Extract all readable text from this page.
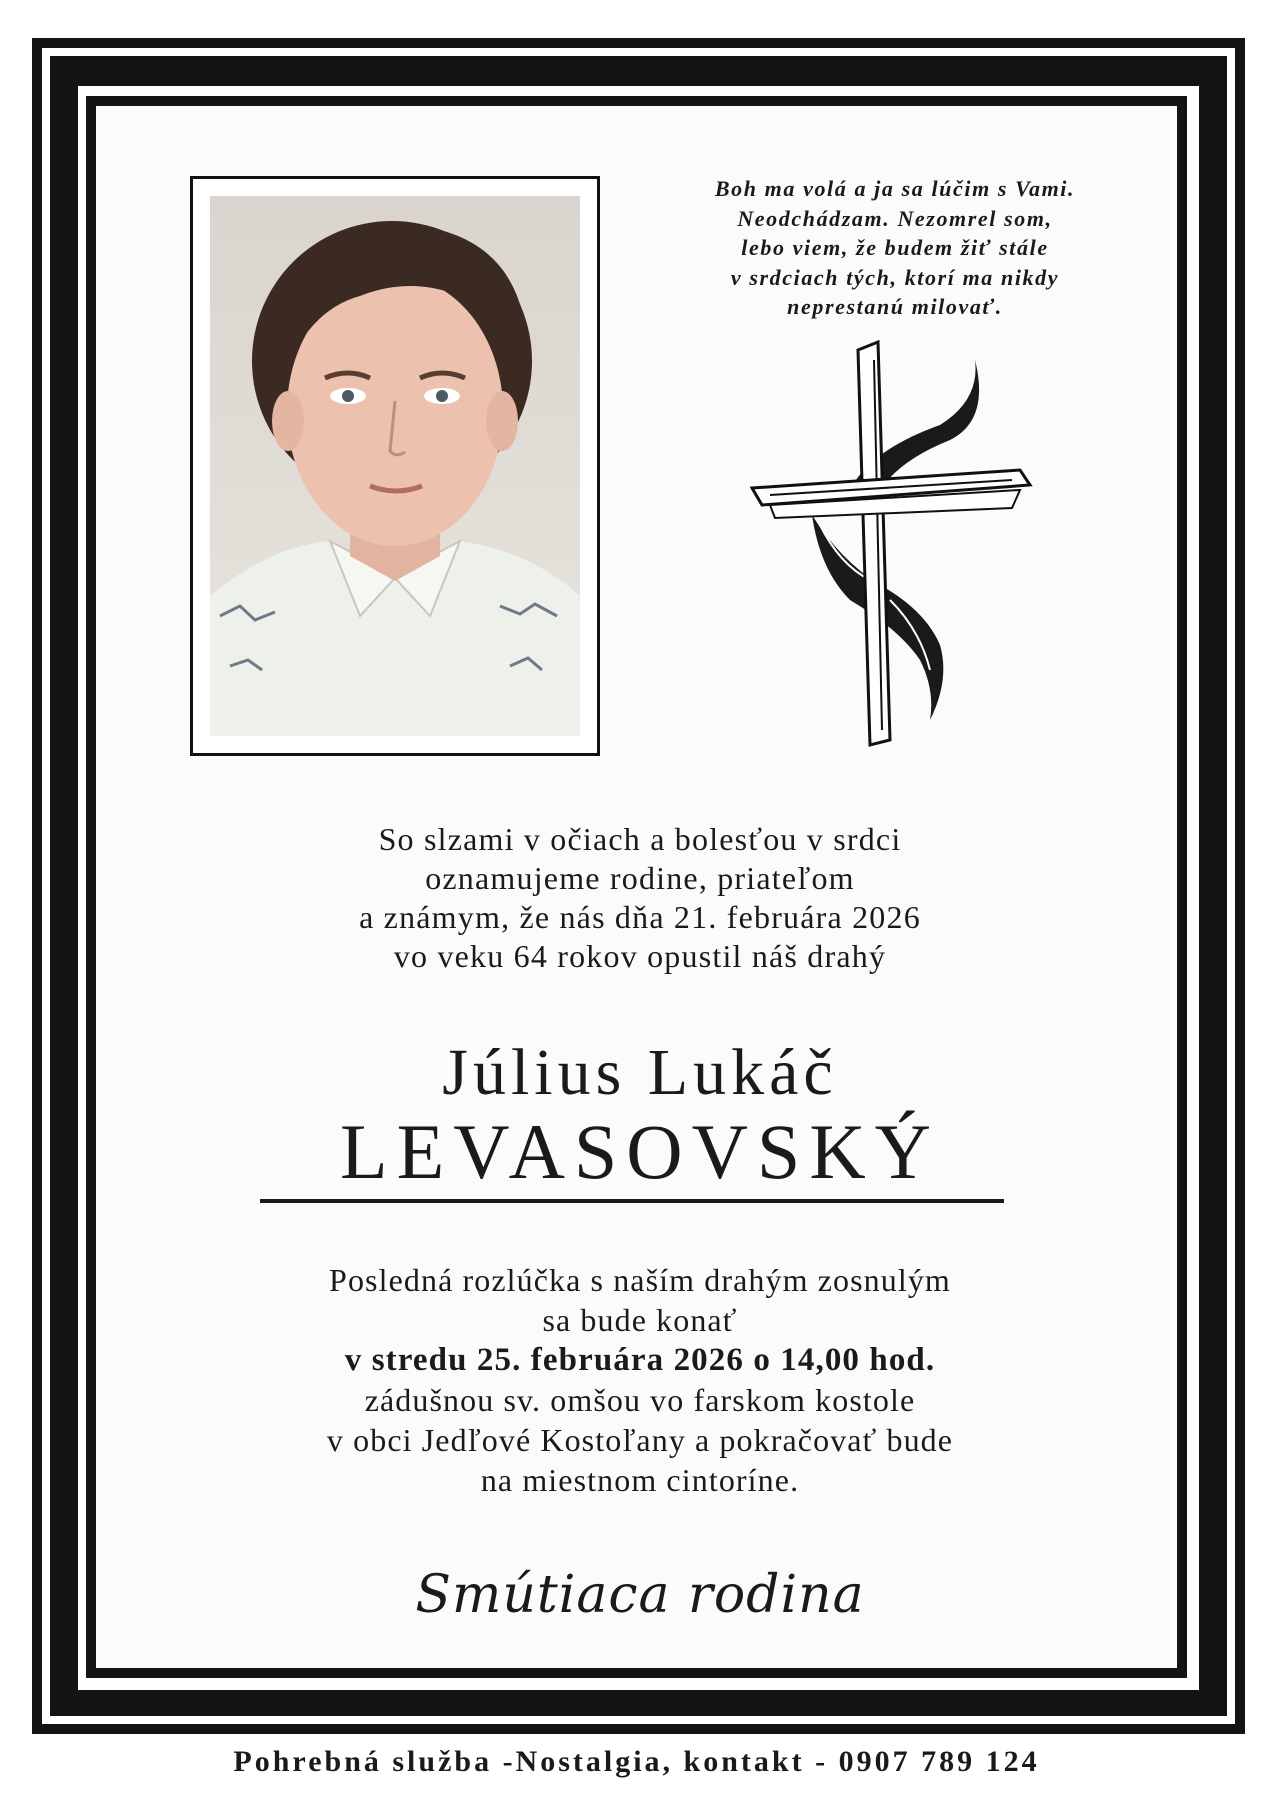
Boh ma volá a ja sa lúčim s Vami.
Neodchádzam. Nezomrel som,
lebo viem, že budem žiť stále
v srdciach tých, ktorí ma nikdy
neprestanú milovať.
So slzami v očiach a bolesťou v srdci
oznamujeme rodine, priateľom
a známym, že nás dňa 21. februára 2026
vo veku 64 rokov opustil náš drahý
Július Lukáč
LEVASOVSKÝ
Posledná rozlúčka s naším drahým zosnulým
sa bude konať
v stredu 25. februára 2026 o 14,00 hod.
zádušnou sv. omšou vo farskom kostole
v obci Jedľové Kostoľany a pokračovať bude
na miestnom cintoríne.
Smútiaca rodina
Pohrebná služba -Nostalgia, kontakt - 0907 789 124
